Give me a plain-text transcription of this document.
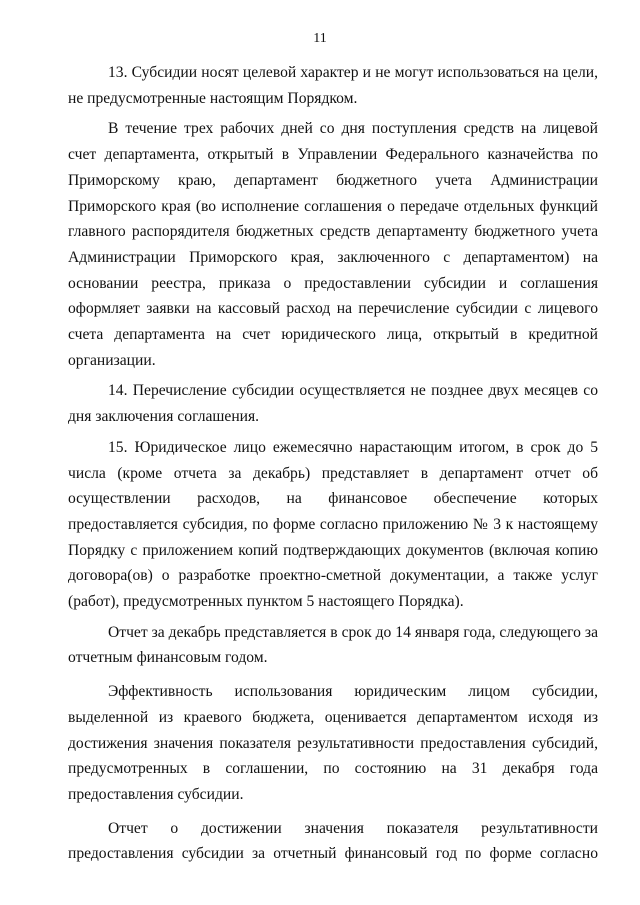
11

13. Субсидии носят целевой характер и не могут использоваться на цели, не предусмотренные настоящим Порядком.

В течение трех рабочих дней со дня поступления средств на лицевой счет департамента, открытый в Управлении Федерального казначейства по Приморскому краю, департамент бюджетного учета Администрации Приморского края (во исполнение соглашения о передаче отдельных функций главного распорядителя бюджетных средств департаменту бюджетного учета Администрации Приморского края, заключенного с департаментом) на основании реестра, приказа о предоставлении субсидии и соглашения оформляет заявки на кассовый расход на перечисление субсидии с лицевого счета департамента на счет юридического лица, открытый в кредитной организации.

14. Перечисление субсидии осуществляется не позднее двух месяцев со дня заключения соглашения.

15. Юридическое лицо ежемесячно нарастающим итогом, в срок до 5 числа (кроме отчета за декабрь) представляет в департамент отчет об осуществлении расходов, на финансовое обеспечение которых предоставляется субсидия, по форме согласно приложению № 3 к настоящему Порядку с приложением копий подтверждающих документов (включая копию договора(ов) о разработке проектно-сметной документации, а также услуг (работ), предусмотренных пунктом 5 настоящего Порядка).

Отчет за декабрь представляется в срок до 14 января года, следующего за отчетным финансовым годом.

Эффективность использования юридическим лицом субсидии, выделенной из краевого бюджета, оценивается департаментом исходя из достижения значения показателя результативности предоставления субсидий, предусмотренных в соглашении, по состоянию на 31 декабря года предоставления субсидии.

Отчет о достижении значения показателя результативности предоставления субсидии за отчетный финансовый год по форме согласно
